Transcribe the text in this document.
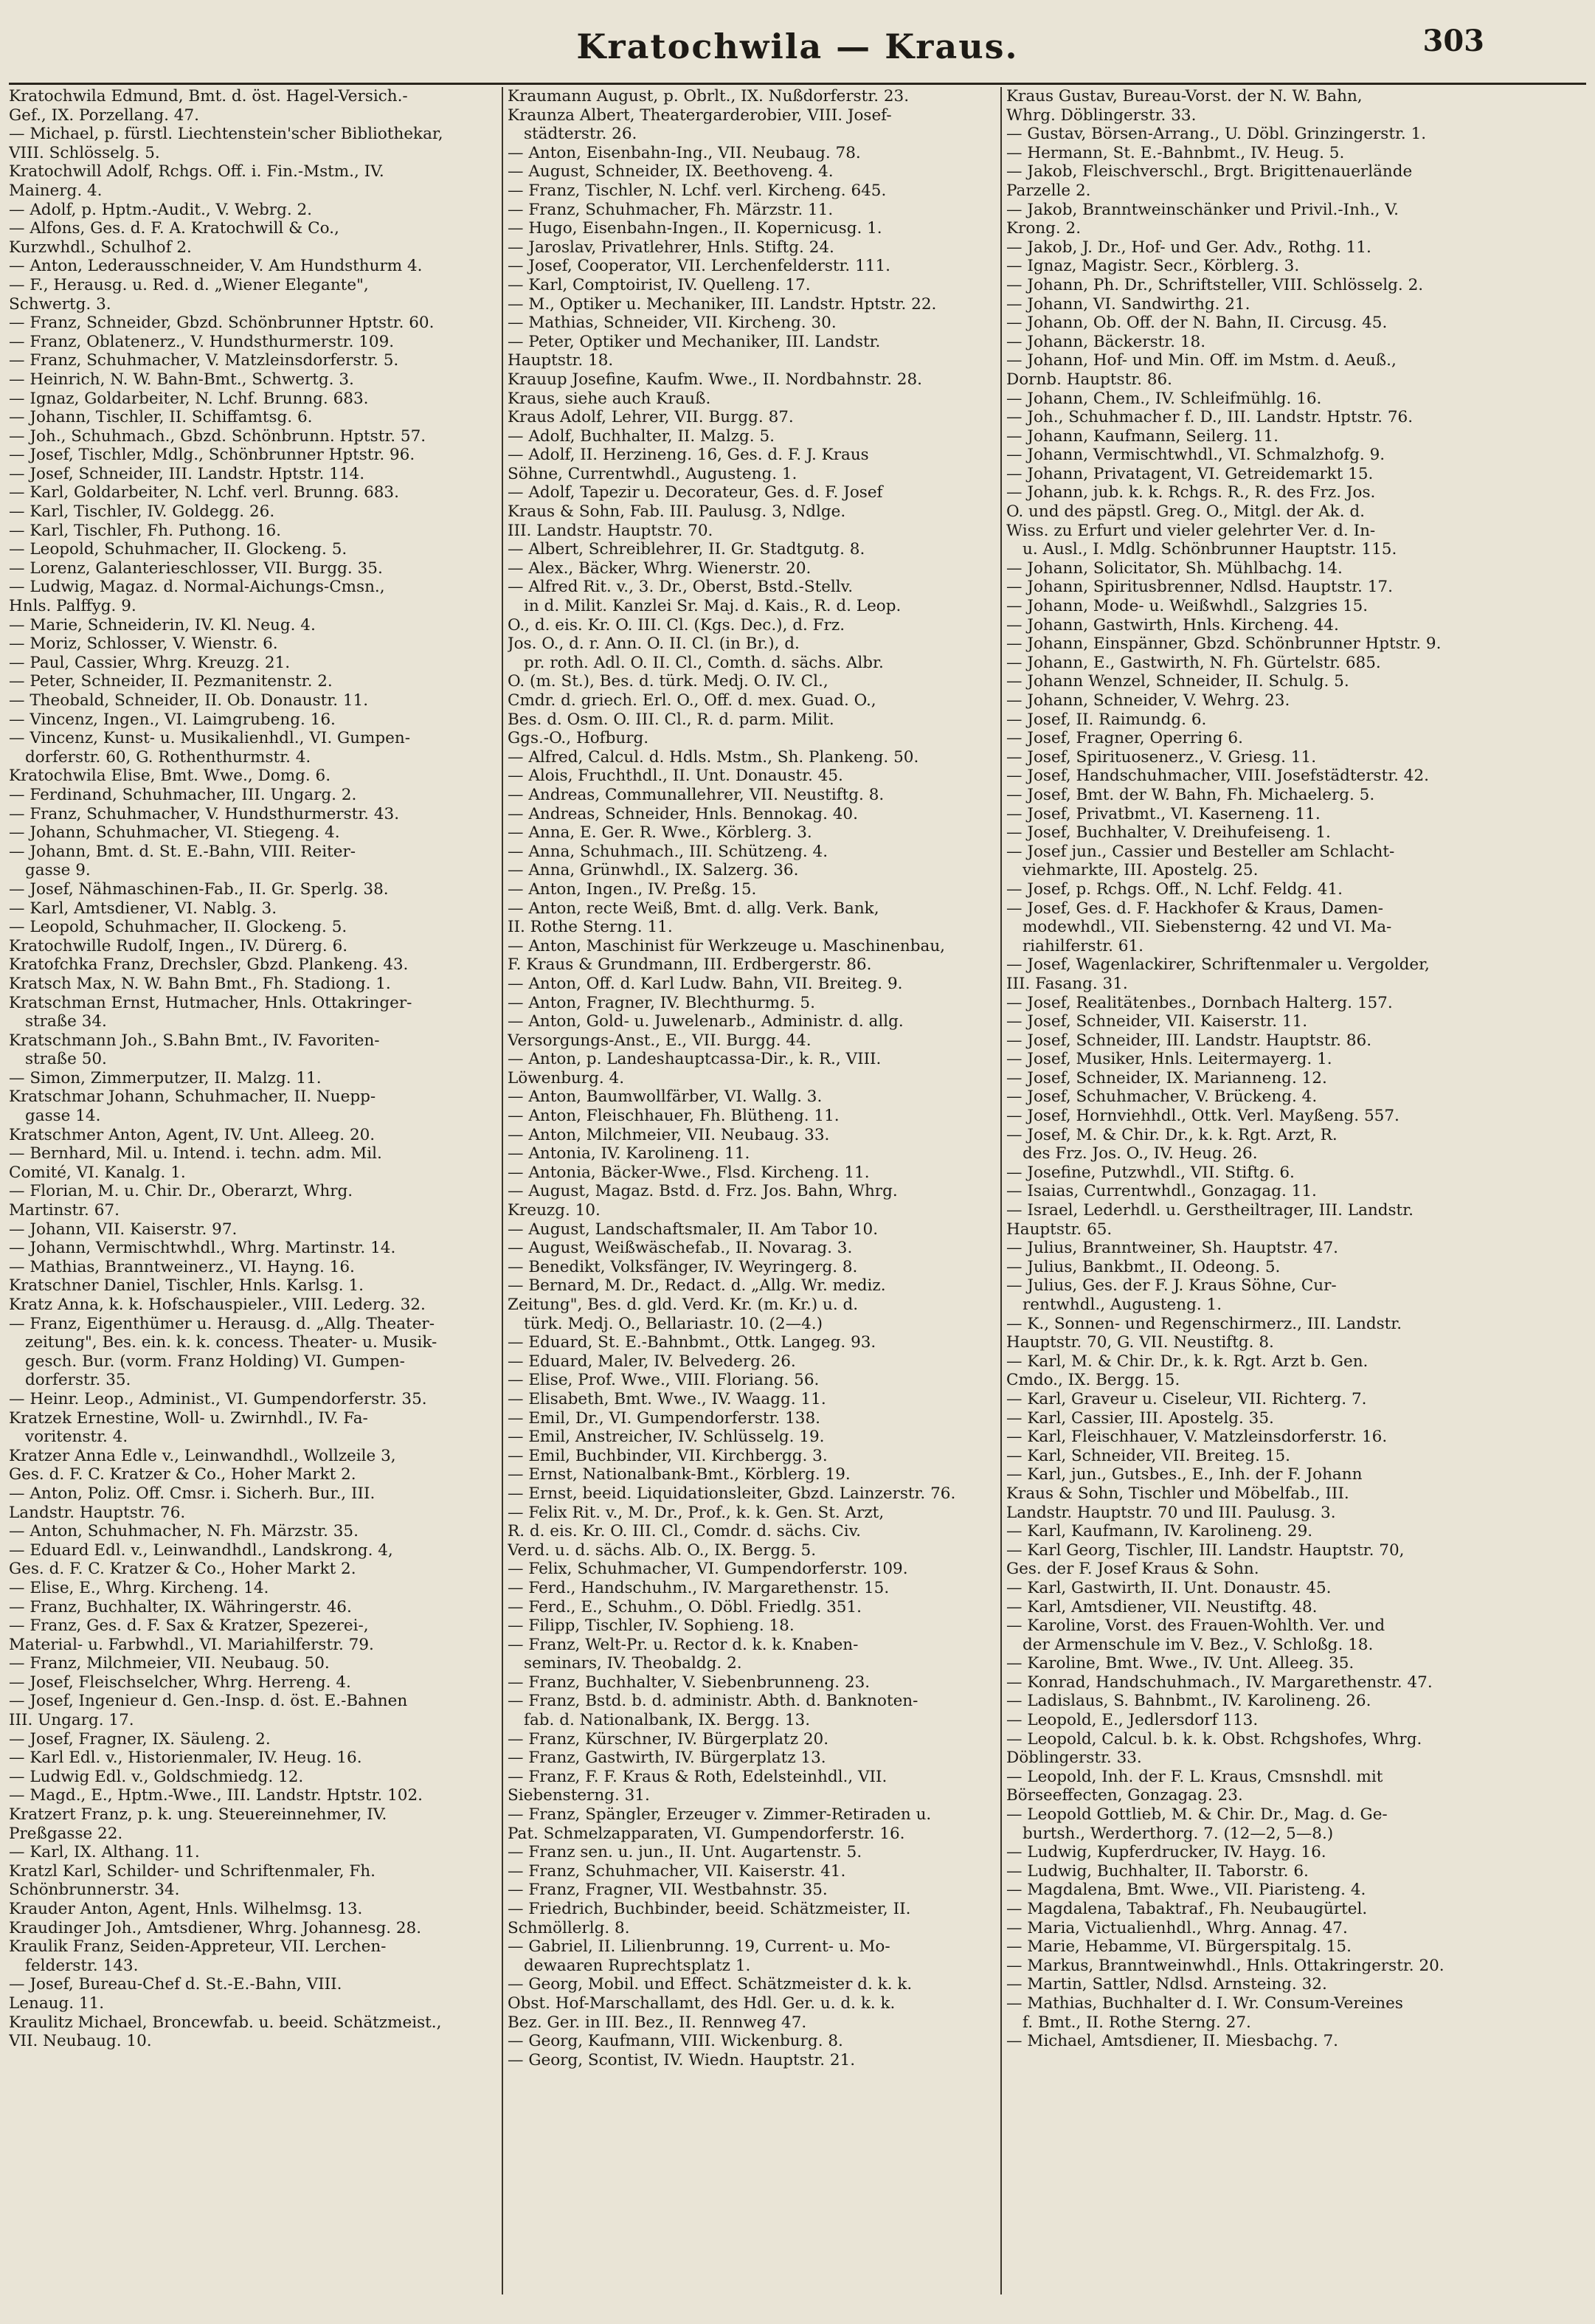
Kratochwila — Kraus.	303
Kratochwila Edmund, Bmt. d. öst. Hagel-Versich.-
Gef., IX. Porzellang. 47.
— Michael, p. fürstl. Liechtenstein'scher Bibliothekar,
VIII. Schlösselg. 5.
Kratochwill Adolf, Rchgs. Off. i. Fin.-Mstm., IV.
Mainerg. 4.
— Adolf, p. Hptm.-Audit., V. Webrg. 2.
— Alfons, Ges. d. F. A. Kratochwill & Co.,
Kurzwhdl., Schulhof 2.
— Anton, Lederausschneider, V. Am Hundsthurm 4.
— F., Herausg. u. Red. d. „Wiener Elegante",
Schwertg. 3.
— Franz, Schneider, Gbzd. Schönbrunner Hptstr. 60.
— Franz, Oblatenerz., V. Hundsthurmerstr. 109.
— Franz, Schuhmacher, V. Matzleinsdorferstr. 5.
— Heinrich, N. W. Bahn-Bmt., Schwertg. 3.
— Ignaz, Goldarbeiter, N. Lchf. Brunng. 683.
— Johann, Tischler, II. Schiffamtsg. 6.
— Joh., Schuhmach., Gbzd. Schönbrunn. Hptstr. 57.
— Josef, Tischler, Mdlg., Schönbrunner Hptstr. 96.
— Josef, Schneider, III. Landstr. Hptstr. 114.
— Karl, Goldarbeiter, N. Lchf. verl. Brunng. 683.
— Karl, Tischler, IV. Goldegg. 26.
— Karl, Tischler, Fh. Puthong. 16.
— Leopold, Schuhmacher, II. Glockeng. 5.
— Lorenz, Galanterieschlosser, VII. Burgg. 35.
— Ludwig, Magaz. d. Normal-Aichungs-Cmsn.,
Hnls. Palffyg. 9.
— Marie, Schneiderin, IV. Kl. Neug. 4.
— Moriz, Schlosser, V. Wienstr. 6.
— Paul, Cassier, Whrg. Kreuzg. 21.
— Peter, Schneider, II. Pezmanitenstr. 2.
— Theobald, Schneider, II. Ob. Donaustr. 11.
— Vincenz, Ingen., VI. Laimgrubeng. 16.
— Vincenz, Kunst- u. Musikalienhdl., VI. Gumpen-
dorferstr. 60, G. Rothenthurmstr. 4.
Kratochwila Elise, Bmt. Wwe., Domg. 6.
— Ferdinand, Schuhmacher, III. Ungarg. 2.
— Franz, Schuhmacher, V. Hundsthurmerstr. 43.
— Johann, Schuhmacher, VI. Stiegeng. 4.
— Johann, Bmt. d. St. E.-Bahn, VIII. Reiter-
gasse 9.
— Josef, Nähmaschinen-Fab., II. Gr. Sperlg. 38.
— Karl, Amtsdiener, VI. Nablg. 3.
— Leopold, Schuhmacher, II. Glockeng. 5.
Kratochwille Rudolf, Ingen., IV. Dürerg. 6.
Kratofchka Franz, Drechsler, Gbzd. Plankeng. 43.
Kratsch Max, N. W. Bahn Bmt., Fh. Stadiong. 1.
Kratschman Ernst, Hutmacher, Hnls. Ottakringer-
straße 34.
Kratschmann Joh., S.Bahn Bmt., IV. Favoriten-
straße 50.
— Simon, Zimmerputzer, II. Malzg. 11.
Kratschmar Johann, Schuhmacher, II. Nuepp-
gasse 14.
Kratschmer Anton, Agent, IV. Unt. Alleeg. 20.
— Bernhard, Mil. u. Intend. i. techn. adm. Mil.
Comité, VI. Kanalg. 1.
— Florian, M. u. Chir. Dr., Oberarzt, Whrg.
Martinstr. 67.
— Johann, VII. Kaiserstr. 97.
— Johann, Vermischtwhdl., Whrg. Martinstr. 14.
— Mathias, Branntweinerz., VI. Hayng. 16.
Kratschner Daniel, Tischler, Hnls. Karlsg. 1.
Kratz Anna, k. k. Hofschauspieler., VIII. Lederg. 32.
— Franz, Eigenthümer u. Herausg. d. „Allg. Theater-
zeitung", Bes. ein. k. k. concess. Theater- u. Musik-
gesch. Bur. (vorm. Franz Holding) VI. Gumpen-
dorferstr. 35.
— Heinr. Leop., Administ., VI. Gumpendorferstr. 35.
Kratzek Ernestine, Woll- u. Zwirnhdl., IV. Fa-
voritenstr. 4.
Kratzer Anna Edle v., Leinwandhdl., Wollzeile 3,
Ges. d. F. C. Kratzer & Co., Hoher Markt 2.
— Anton, Poliz. Off. Cmsr. i. Sicherh. Bur., III.
Landstr. Hauptstr. 76.
— Anton, Schuhmacher, N. Fh. Märzstr. 35.
— Eduard Edl. v., Leinwandhdl., Landskrong. 4,
Ges. d. F. C. Kratzer & Co., Hoher Markt 2.
— Elise, E., Whrg. Kircheng. 14.
— Franz, Buchhalter, IX. Währingerstr. 46.
— Franz, Ges. d. F. Sax & Kratzer, Spezerei-,
Material- u. Farbwhdl., VI. Mariahilferstr. 79.
— Franz, Milchmeier, VII. Neubaug. 50.
— Josef, Fleischselcher, Whrg. Herreng. 4.
— Josef, Ingenieur d. Gen.-Insp. d. öst. E.-Bahnen
III. Ungarg. 17.
— Josef, Fragner, IX. Säuleng. 2.
— Karl Edl. v., Historienmaler, IV. Heug. 16.
— Ludwig Edl. v., Goldschmiedg. 12.
— Magd., E., Hptm.-Wwe., III. Landstr. Hptstr. 102.
Kratzert Franz, p. k. ung. Steuereinnehmer, IV.
Preßgasse 22.
— Karl, IX. Althang. 11.
Kratzl Karl, Schilder- und Schriftenmaler, Fh.
Schönbrunnerstr. 34.
Krauder Anton, Agent, Hnls. Wilhelmsg. 13.
Kraudinger Joh., Amtsdiener, Whrg. Johannesg. 28.
Kraulik Franz, Seiden-Appreteur, VII. Lerchen-
felderstr. 143.
— Josef, Bureau-Chef d. St.-E.-Bahn, VIII.
Lenaug. 11.
Kraulitz Michael, Broncewfab. u. beeid. Schätzmeist.,
VII. Neubaug. 10.
Kraumann August, p. Obrlt., IX. Nußdorferstr. 23.
Kraunza Albert, Theatergarderobier, VIII. Josef-
städterstr. 26.
— Anton, Eisenbahn-Ing., VII. Neubaug. 78.
— August, Schneider, IX. Beethoveng. 4.
— Franz, Tischler, N. Lchf. verl. Kircheng. 645.
— Franz, Schuhmacher, Fh. Märzstr. 11.
— Hugo, Eisenbahn-Ingen., II. Kopernicusg. 1.
— Jaroslav, Privatlehrer, Hnls. Stiftg. 24.
— Josef, Cooperator, VII. Lerchenfelderstr. 111.
— Karl, Comptoirist, IV. Quelleng. 17.
— M., Optiker u. Mechaniker, III. Landstr. Hptstr. 22.
— Mathias, Schneider, VII. Kircheng. 30.
— Peter, Optiker und Mechaniker, III. Landstr.
Hauptstr. 18.
Krauup Josefine, Kaufm. Wwe., II. Nordbahnstr. 28.
Kraus, siehe auch Krauß.
Kraus Adolf, Lehrer, VII. Burgg. 87.
— Adolf, Buchhalter, II. Malzg. 5.
— Adolf, II. Herzineng. 16, Ges. d. F. J. Kraus
Söhne, Currentwhdl., Augusteng. 1.
— Adolf, Tapezir u. Decorateur, Ges. d. F. Josef
Kraus & Sohn, Fab. III. Paulusg. 3, Ndlge.
III. Landstr. Hauptstr. 70.
— Albert, Schreiblehrer, II. Gr. Stadtgutg. 8.
— Alex., Bäcker, Whrg. Wienerstr. 20.
— Alfred Rit. v., 3. Dr., Oberst, Bstd.-Stellv.
in d. Milit. Kanzlei Sr. Maj. d. Kais., R. d. Leop.
O., d. eis. Kr. O. III. Cl. (Kgs. Dec.), d. Frz.
Jos. O., d. r. Ann. O. II. Cl. (in Br.), d.
pr. roth. Adl. O. II. Cl., Comth. d. sächs. Albr.
O. (m. St.), Bes. d. türk. Medj. O. IV. Cl.,
Cmdr. d. griech. Erl. O., Off. d. mex. Guad. O.,
Bes. d. Osm. O. III. Cl., R. d. parm. Milit.
Ggs.-O., Hofburg.
— Alfred, Calcul. d. Hdls. Mstm., Sh. Plankeng. 50.
— Alois, Fruchthdl., II. Unt. Donaustr. 45.
— Andreas, Communallehrer, VII. Neustiftg. 8.
— Andreas, Schneider, Hnls. Bennokag. 40.
— Anna, E. Ger. R. Wwe., Körblerg. 3.
— Anna, Schuhmach., III. Schützeng. 4.
— Anna, Grünwhdl., IX. Salzerg. 36.
— Anton, Ingen., IV. Preßg. 15.
— Anton, recte Weiß, Bmt. d. allg. Verk. Bank,
II. Rothe Sterng. 11.
— Anton, Maschinist für Werkzeuge u. Maschinenbau,
F. Kraus & Grundmann, III. Erdbergerstr. 86.
— Anton, Off. d. Karl Ludw. Bahn, VII. Breiteg. 9.
— Anton, Fragner, IV. Blechthurmg. 5.
— Anton, Gold- u. Juwelenarb., Administr. d. allg.
Versorgungs-Anst., E., VII. Burgg. 44.
— Anton, p. Landeshauptcassa-Dir., k. R., VIII.
Löwenburg. 4.
— Anton, Baumwollfärber, VI. Wallg. 3.
— Anton, Fleischhauer, Fh. Blütheng. 11.
— Anton, Milchmeier, VII. Neubaug. 33.
— Antonia, IV. Karolineng. 11.
— Antonia, Bäcker-Wwe., Flsd. Kircheng. 11.
— August, Magaz. Bstd. d. Frz. Jos. Bahn, Whrg.
Kreuzg. 10.
— August, Landschaftsmaler, II. Am Tabor 10.
— August, Weißwäschefab., II. Novarag. 3.
— Benedikt, Volksfänger, IV. Weyringerg. 8.
— Bernard, M. Dr., Redact. d. „Allg. Wr. mediz.
Zeitung", Bes. d. gld. Verd. Kr. (m. Kr.) u. d.
türk. Medj. O., Bellariastr. 10. (2—4.)
— Eduard, St. E.-Bahnbmt., Ottk. Langeg. 93.
— Eduard, Maler, IV. Belvederg. 26.
— Elise, Prof. Wwe., VIII. Floriang. 56.
— Elisabeth, Bmt. Wwe., IV. Waagg. 11.
— Emil, Dr., VI. Gumpendorferstr. 138.
— Emil, Anstreicher, IV. Schlüsselg. 19.
— Emil, Buchbinder, VII. Kirchbergg. 3.
— Ernst, Nationalbank-Bmt., Körblerg. 19.
— Ernst, beeid. Liquidationsleiter, Gbzd. Lainzerstr. 76.
— Felix Rit. v., M. Dr., Prof., k. k. Gen. St. Arzt,
R. d. eis. Kr. O. III. Cl., Comdr. d. sächs. Civ.
Verd. u. d. sächs. Alb. O., IX. Bergg. 5.
— Felix, Schuhmacher, VI. Gumpendorferstr. 109.
— Ferd., Handschuhm., IV. Margarethenstr. 15.
— Ferd., E., Schuhm., O. Döbl. Friedlg. 351.
— Filipp, Tischler, IV. Sophieng. 18.
— Franz, Welt-Pr. u. Rector d. k. k. Knaben-
seminars, IV. Theobaldg. 2.
— Franz, Buchhalter, V. Siebenbrunneng. 23.
— Franz, Bstd. b. d. administr. Abth. d. Banknoten-
fab. d. Nationalbank, IX. Bergg. 13.
— Franz, Kürschner, IV. Bürgerplatz 20.
— Franz, Gastwirth, IV. Bürgerplatz 13.
— Franz, F. F. Kraus & Roth, Edelsteinhdl., VII.
Siebensterng. 31.
— Franz, Spängler, Erzeuger v. Zimmer-Retiraden u.
Pat. Schmelzapparaten, VI. Gumpendorferstr. 16.
— Franz sen. u. jun., II. Unt. Augartenstr. 5.
— Franz, Schuhmacher, VII. Kaiserstr. 41.
— Franz, Fragner, VII. Westbahnstr. 35.
— Friedrich, Buchbinder, beeid. Schätzmeister, II.
Schmöllerlg. 8.
— Gabriel, II. Lilienbrunng. 19, Current- u. Mo-
dewaaren Ruprechtsplatz 1.
— Georg, Mobil. und Effect. Schätzmeister d. k. k.
Obst. Hof-Marschallamt, des Hdl. Ger. u. d. k. k.
Bez. Ger. in III. Bez., II. Rennweg 47.
— Georg, Kaufmann, VIII. Wickenburg. 8.
— Georg, Scontist, IV. Wiedn. Hauptstr. 21.
Kraus Gustav, Bureau-Vorst. der N. W. Bahn,
Whrg. Döblingerstr. 33.
— Gustav, Börsen-Arrang., U. Döbl. Grinzingerstr. 1.
— Hermann, St. E.-Bahnbmt., IV. Heug. 5.
— Jakob, Fleischverschl., Brgt. Brigittenauerlände
Parzelle 2.
— Jakob, Branntweinschänker und Privil.-Inh., V.
Krong. 2.
— Jakob, J. Dr., Hof- und Ger. Adv., Rothg. 11.
— Ignaz, Magistr. Secr., Körblerg. 3.
— Johann, Ph. Dr., Schriftsteller, VIII. Schlösselg. 2.
— Johann, VI. Sandwirthg. 21.
— Johann, Ob. Off. der N. Bahn, II. Circusg. 45.
— Johann, Bäckerstr. 18.
— Johann, Hof- und Min. Off. im Mstm. d. Aeuß.,
Dornb. Hauptstr. 86.
— Johann, Chem., IV. Schleifmühlg. 16.
— Joh., Schuhmacher f. D., III. Landstr. Hptstr. 76.
— Johann, Kaufmann, Seilerg. 11.
— Johann, Vermischtwhdl., VI. Schmalzhofg. 9.
— Johann, Privatagent, VI. Getreidemarkt 15.
— Johann, jub. k. k. Rchgs. R., R. des Frz. Jos.
O. und des päpstl. Greg. O., Mitgl. der Ak. d.
Wiss. zu Erfurt und vieler gelehrter Ver. d. In-
u. Ausl., I. Mdlg. Schönbrunner Hauptstr. 115.
— Johann, Solicitator, Sh. Mühlbachg. 14.
— Johann, Spiritusbrenner, Ndlsd. Hauptstr. 17.
— Johann, Mode- u. Weißwhdl., Salzgries 15.
— Johann, Gastwirth, Hnls. Kircheng. 44.
— Johann, Einspänner, Gbzd. Schönbrunner Hptstr. 9.
— Johann, E., Gastwirth, N. Fh. Gürtelstr. 685.
— Johann Wenzel, Schneider, II. Schulg. 5.
— Johann, Schneider, V. Wehrg. 23.
— Josef, II. Raimundg. 6.
— Josef, Fragner, Operring 6.
— Josef, Spirituosenerz., V. Griesg. 11.
— Josef, Handschuhmacher, VIII. Josefstädterstr. 42.
— Josef, Bmt. der W. Bahn, Fh. Michaelerg. 5.
— Josef, Privatbmt., VI. Kaserneng. 11.
— Josef, Buchhalter, V. Dreihufeiseng. 1.
— Josef jun., Cassier und Besteller am Schlacht-
viehmarkte, III. Apostelg. 25.
— Josef, p. Rchgs. Off., N. Lchf. Feldg. 41.
— Josef, Ges. d. F. Hackhofer & Kraus, Damen-
modewhdl., VII. Siebensterng. 42 und VI. Ma-
riahilferstr. 61.
— Josef, Wagenlackirer, Schriftenmaler u. Vergolder,
III. Fasang. 31.
— Josef, Realitätenbes., Dornbach Halterg. 157.
— Josef, Schneider, VII. Kaiserstr. 11.
— Josef, Schneider, III. Landstr. Hauptstr. 86.
— Josef, Musiker, Hnls. Leitermayerg. 1.
— Josef, Schneider, IX. Marianneng. 12.
— Josef, Schuhmacher, V. Brückeng. 4.
— Josef, Hornviehhdl., Ottk. Verl. Mayßeng. 557.
— Josef, M. & Chir. Dr., k. k. Rgt. Arzt, R.
des Frz. Jos. O., IV. Heug. 26.
— Josefine, Putzwhdl., VII. Stiftg. 6.
— Isaias, Currentwhdl., Gonzagag. 11.
— Israel, Lederhdl. u. Gerstheiltrager, III. Landstr.
Hauptstr. 65.
— Julius, Branntweiner, Sh. Hauptstr. 47.
— Julius, Bankbmt., II. Odeong. 5.
— Julius, Ges. der F. J. Kraus Söhne, Cur-
rentwhdl., Augusteng. 1.
— K., Sonnen- und Regenschirmerz., III. Landstr.
Hauptstr. 70, G. VII. Neustiftg. 8.
— Karl, M. & Chir. Dr., k. k. Rgt. Arzt b. Gen.
Cmdo., IX. Bergg. 15.
— Karl, Graveur u. Ciseleur, VII. Richterg. 7.
— Karl, Cassier, III. Apostelg. 35.
— Karl, Fleischhauer, V. Matzleinsdorferstr. 16.
— Karl, Schneider, VII. Breiteg. 15.
— Karl, jun., Gutsbes., E., Inh. der F. Johann
Kraus & Sohn, Tischler und Möbelfab., III.
Landstr. Hauptstr. 70 und III. Paulusg. 3.
— Karl, Kaufmann, IV. Karolineng. 29.
— Karl Georg, Tischler, III. Landstr. Hauptstr. 70,
Ges. der F. Josef Kraus & Sohn.
— Karl, Gastwirth, II. Unt. Donaustr. 45.
— Karl, Amtsdiener, VII. Neustiftg. 48.
— Karoline, Vorst. des Frauen-Wohlth. Ver. und
der Armenschule im V. Bez., V. Schloßg. 18.
— Karoline, Bmt. Wwe., IV. Unt. Alleeg. 35.
— Konrad, Handschuhmach., IV. Margarethenstr. 47.
— Ladislaus, S. Bahnbmt., IV. Karolineng. 26.
— Leopold, E., Jedlersdorf 113.
— Leopold, Calcul. b. k. k. Obst. Rchgshofes, Whrg.
Döblingerstr. 33.
— Leopold, Inh. der F. L. Kraus, Cmsnshdl. mit
Börseeffecten, Gonzagag. 23.
— Leopold Gottlieb, M. & Chir. Dr., Mag. d. Ge-
burtsh., Werderthorg. 7. (12—2, 5—8.)
— Ludwig, Kupferdrucker, IV. Hayg. 16.
— Ludwig, Buchhalter, II. Taborstr. 6.
— Magdalena, Bmt. Wwe., VII. Piaristeng. 4.
— Magdalena, Tabaktraf., Fh. Neubaugürtel.
— Maria, Victualienhdl., Whrg. Annag. 47.
— Marie, Hebamme, VI. Bürgerspitalg. 15.
— Markus, Branntweinwhdl., Hnls. Ottakringerstr. 20.
— Martin, Sattler, Ndlsd. Arnsteing. 32.
— Mathias, Buchhalter d. I. Wr. Consum-Vereines
f. Bmt., II. Rothe Sterng. 27.
— Michael, Amtsdiener, II. Miesbachg. 7.
